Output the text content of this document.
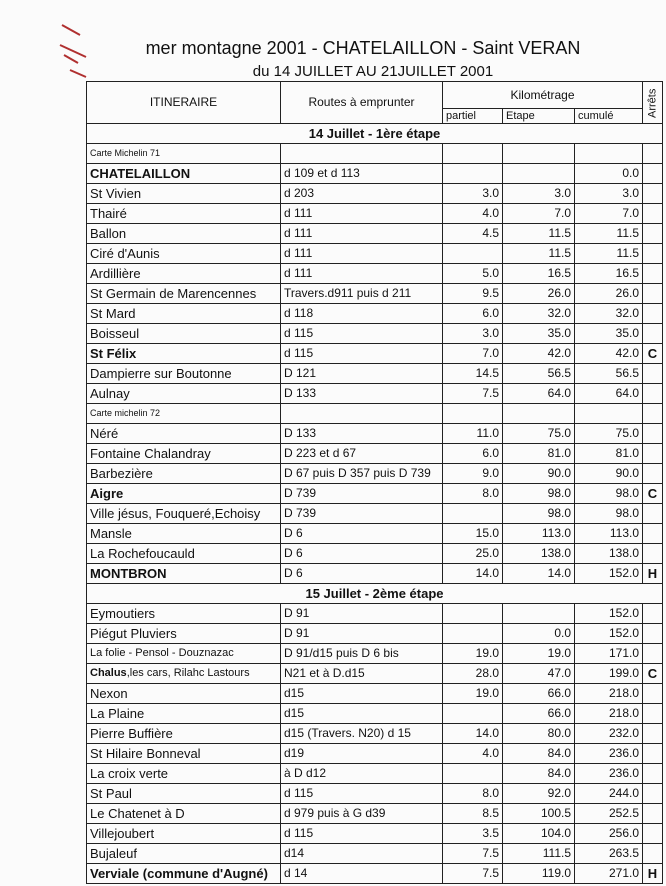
mer montagne 2001 - CHATELAILLON - Saint VERAN
du 14 JUILLET AU 21JUILLET 2001
ITINERAIRE	Routes à emprunter	Kilométrage			Arrêts
		partiel	Etape	cumulé	
14 Juillet - 1ère étape					
Carte Michelin 71					
CHATELAILLON	d 109 et d 113			0.0	
St Vivien	d 203	3.0	3.0	3.0	
Thairé	d 111	4.0	7.0	7.0	
Ballon	d 111	4.5	11.5	11.5	
Ciré d'Aunis	d 111		11.5	11.5	
Ardillière	d 111	5.0	16.5	16.5	
St Germain de Marencennes	Travers.d911 puis d 211	9.5	26.0	26.0	
St Mard	d 118	6.0	32.0	32.0	
Boisseul	d 115	3.0	35.0	35.0	
St Félix	d 115	7.0	42.0	42.0	C
Dampierre sur Boutonne	D 121	14.5	56.5	56.5	
Aulnay	D 133	7.5	64.0	64.0	
Carte michelin 72					
Néré	D 133	11.0	75.0	75.0	
Fontaine Chalandray	D 223 et d 67	6.0	81.0	81.0	
Barbezière	D 67 puis D 357 puis D 739	9.0	90.0	90.0	
Aigre	D 739	8.0	98.0	98.0	C
Ville jésus, Fouqueré,Echoisy	D 739		98.0	98.0	
Mansle	D 6	15.0	113.0	113.0	
La Rochefoucauld	D 6	25.0	138.0	138.0	
MONTBRON	D 6	14.0	14.0	152.0	H
15 Juillet - 2ème étape					
Eymoutiers	D 91			152.0	
Piégut Pluviers	D 91		0.0	152.0	
La folie - Pensol - Douznazac	D 91/d15 puis D 6 bis	19.0	19.0	171.0	
Chalus,les cars, Rilahc Lastours	N21 et à D.d15	28.0	47.0	199.0	C
Nexon	d15	19.0	66.0	218.0	
La Plaine	d15		66.0	218.0	
Pierre Buffière	d15 (Travers. N20) d 15	14.0	80.0	232.0	
St Hilaire Bonneval	d19	4.0	84.0	236.0	
La croix verte	à D d12		84.0	236.0	
St Paul	d 115	8.0	92.0	244.0	
Le Chatenet à D	d 979 puis à G d39	8.5	100.5	252.5	
Villejoubert	d 115	3.5	104.0	256.0	
Bujaleuf	d14	7.5	111.5	263.5	
Verviale (commune d'Augné)	d 14	7.5	119.0	271.0	H
